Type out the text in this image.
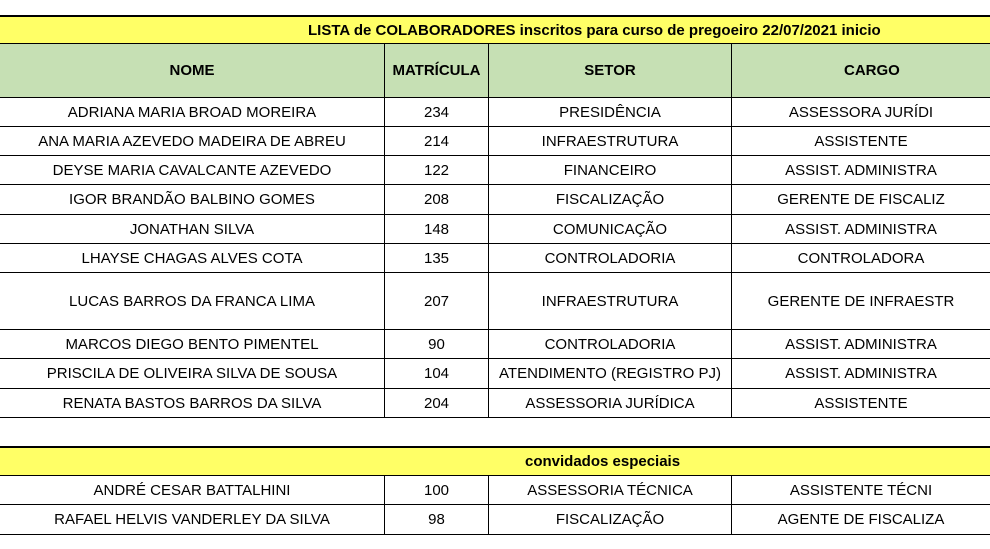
LISTA de COLABORADORES inscritos para curso de pregoeiro 22/07/2021 inicio
NOME	MATRÍCULA	SETOR	CARGO
ADRIANA MARIA BROAD MOREIRA	234	PRESIDÊNCIA	ASSESSORA JURÍDI
ANA MARIA AZEVEDO MADEIRA DE ABREU	214	INFRAESTRUTURA	ASSISTENTE
DEYSE MARIA CAVALCANTE AZEVEDO	122	FINANCEIRO	ASSIST. ADMINISTRA
IGOR BRANDÃO BALBINO GOMES	208	FISCALIZAÇÃO	GERENTE DE FISCALIZ
JONATHAN SILVA	148	COMUNICAÇÃO	ASSIST. ADMINISTRA
LHAYSE CHAGAS ALVES COTA	135	CONTROLADORIA	CONTROLADORA
LUCAS BARROS DA FRANCA LIMA	207	INFRAESTRUTURA	GERENTE DE INFRAESTR
MARCOS DIEGO BENTO PIMENTEL	90	CONTROLADORIA	ASSIST. ADMINISTRA
PRISCILA DE OLIVEIRA SILVA DE SOUSA	104	ATENDIMENTO (REGISTRO PJ)	ASSIST. ADMINISTRA
RENATA BASTOS BARROS DA SILVA	204	ASSESSORIA JURÍDICA	ASSISTENTE
convidados especiais
ANDRÉ CESAR BATTALHINI	100	ASSESSORIA TÉCNICA	ASSISTENTE TÉCNI
RAFAEL HELVIS VANDERLEY DA SILVA	98	FISCALIZAÇÃO	AGENTE DE FISCALIZA
